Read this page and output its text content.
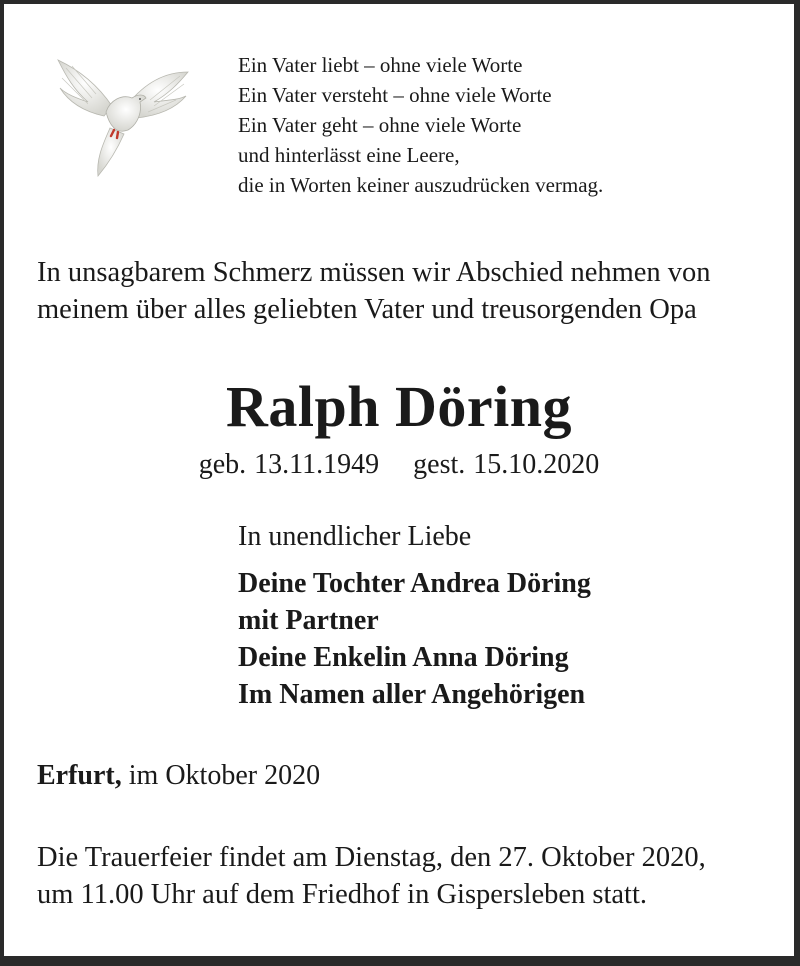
Ein Vater liebt – ohne viele Worte
Ein Vater versteht – ohne viele Worte
Ein Vater geht – ohne viele Worte
und hinterlässt eine Leere,
die in Worten keiner auszudrücken vermag.
In unsagbarem Schmerz müssen wir Abschied nehmen von
meinem über alles geliebten Vater und treusorgenden Opa
Ralph Döring
geb. 13.11.1949 gest. 15.10.2020
In unendlicher Liebe
Deine Tochter Andrea Döring
mit Partner
Deine Enkelin Anna Döring
Im Namen aller Angehörigen
Erfurt, im Oktober 2020
Die Trauerfeier findet am Dienstag, den 27. Oktober 2020,
um 11.00 Uhr auf dem Friedhof in Gispersleben statt.
